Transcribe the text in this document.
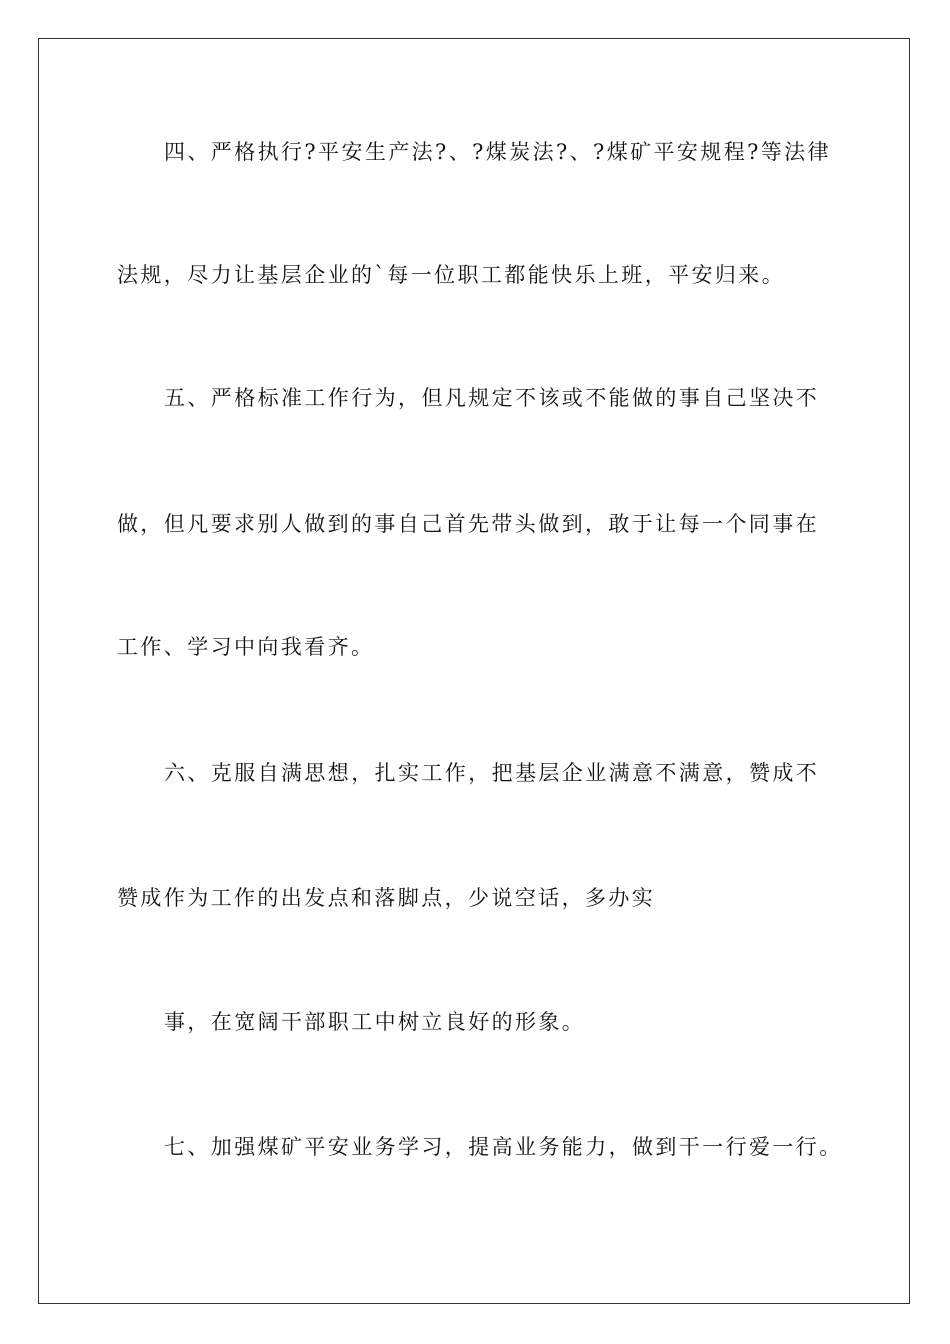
四、严格执行?平安生产法?、?煤炭法?、?煤矿平安规程?等法律
法规，尽力让基层企业的`每一位职工都能快乐上班，平安归来。
五、严格标准工作行为，但凡规定不该或不能做的事自己坚决不
做，但凡要求别人做到的事自己首先带头做到，敢于让每一个同事在
工作、学习中向我看齐。
六、克服自满思想，扎实工作，把基层企业满意不满意，赞成不
赞成作为工作的出发点和落脚点，少说空话，多办实
事，在宽阔干部职工中树立良好的形象。
七、加强煤矿平安业务学习，提高业务能力，做到干一行爱一行。
